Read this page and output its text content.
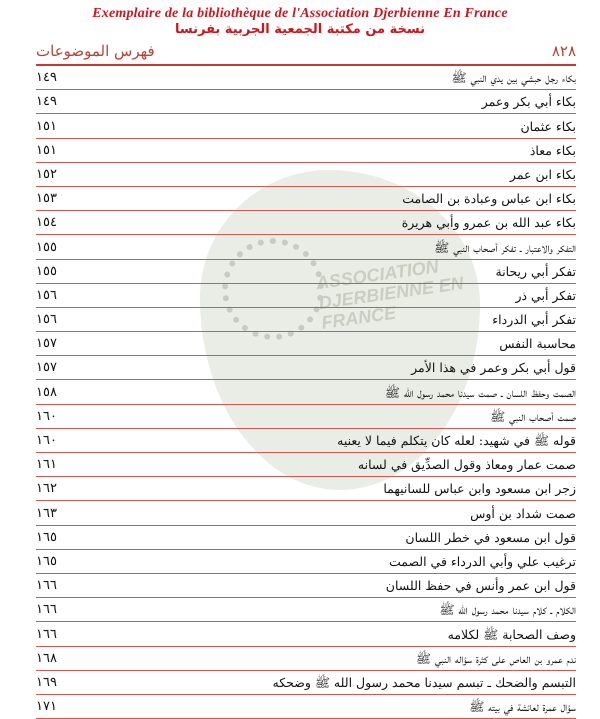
Exemplaire de la bibliothèque de l'Association Djerbienne En France
نسخة من مكتبة الجمعية الجربية بفرنسا
فهرس الموضوعات	٨٢٨
ASSOCIATION DJERBIENNE EN FRANCE
بكاء رجل حبشي بين يدي النبي ﷺ
١٤٩
بكاء أبي بكر وعمر
١٤٩
بكاء عثمان
١٥١
بكاء معاذ
١٥١
بكاء ابن عمر
١٥٢
بكاء ابن عباس وعبادة بن الصامت
١٥٣
بكاء عبد الله بن عمرو وأبي هريرة
١٥٤
التفكر والاعتبار ـ تفكر أصحاب النبي ﷺ
١٥٥
تفكر أبي ريحانة
١٥٥
تفكر أبي ذر
١٥٦
تفكر أبي الدرداء
١٥٦
محاسبة النفس
١٥٧
قول أبي بكر وعمر في هذا الأمر
١٥٧
الصمت وحفظ اللسان ـ صمت سيدنا محمد رسول الله ﷺ
١٥٨
صمت أصحاب النبي ﷺ
١٦٠
قوله ﷺ في شهيد: لعله كان يتكلم فيما لا يعنيه
١٦٠
صمت عمار ومعاذ وقول الصدِّيق في لسانه
١٦١
زجر ابن مسعود وابن عباس للسانيهما
١٦٢
صمت شداد بن أوس
١٦٣
قول ابن مسعود في خطر اللسان
١٦٥
ترغيب علي وأبي الدرداء في الصمت
١٦٥
قول ابن عمر وأنس في حفظ اللسان
١٦٦
الكلام ـ كلام سيدنا محمد رسول الله ﷺ
١٦٦
وصف الصحابة ﷺ لكلامه
١٦٦
ندم عمرو بن العاص على كثرة سؤاله النبي ﷺ
١٦٨
التبسم والضحك ـ تبسم سيدنا محمد رسول الله ﷺ وضحكه
١٦٩
سؤال عمرة لعائشة في بيته ﷺ
١٧١
